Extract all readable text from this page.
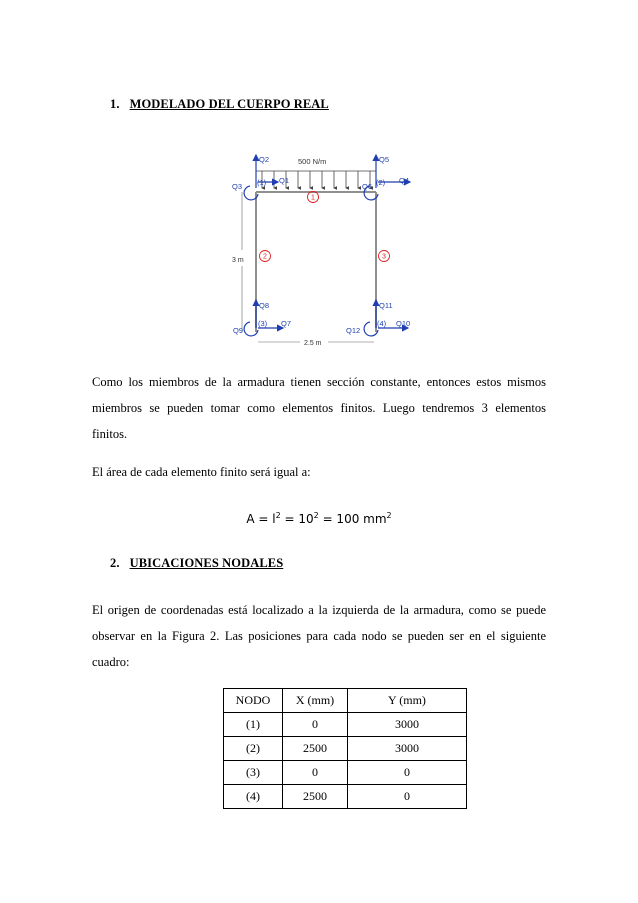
1. MODELADO DEL CUERPO REAL
500 N/m
Q2
Q3 (1) Q1
Q5
(2) Q4
Q6
Q8
(3) Q7
Q9
Q11
(4) Q10
Q12
1
2	3
3 m
2.5 m
Como los miembros de la armadura tienen sección constante, entonces estos mismos
miembros se pueden tomar como elementos finitos. Luego tendremos 3 elementos
finitos.
El área de cada elemento finito será igual a:
$A = l^2 = 10^2 = 100$ $mm^2$
2. UBICACIONES NODALES
El origen de coordenadas está localizado a la izquierda de la armadura, como se puede
observar en la Figura 2. Las posiciones para cada nodo se pueden ser en el siguiente
cuadro:
NODO	X (mm)	Y (mm)
(1)	0	3000
(2)	2500	3000
(3)	0	0
(4)	2500	0
